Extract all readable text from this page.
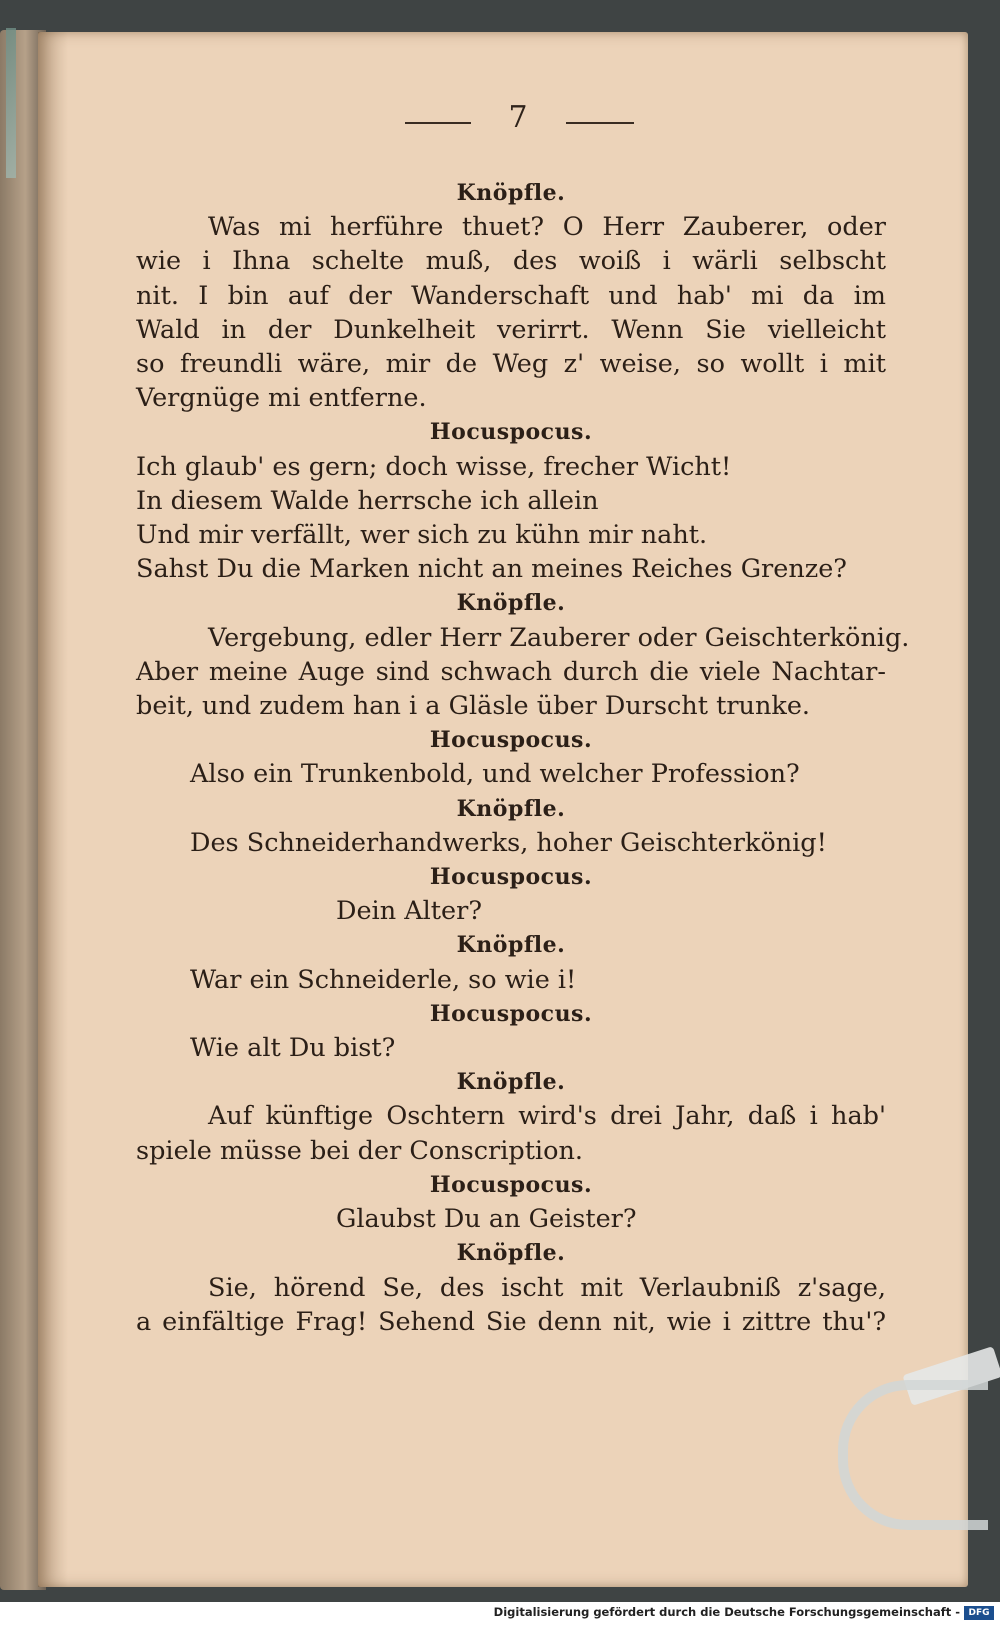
7
Knöpfle.
Was mi herführe thuet? O Herr Zauberer, oder
wie i Ihna schelte muß, des woiß i wärli selbscht
nit. I bin auf der Wanderschaft und hab' mi da im
Wald in der Dunkelheit verirrt. Wenn Sie vielleicht
so freundli wäre, mir de Weg z' weise, so wollt i mit
Vergnüge mi entferne.
Hocuspocus.
Ich glaub' es gern; doch wisse, frecher Wicht!
In diesem Walde herrsche ich allein
Und mir verfällt, wer sich zu kühn mir naht.
Sahst Du die Marken nicht an meines Reiches Grenze?
Knöpfle.
Vergebung, edler Herr Zauberer oder Geischterkönig.
Aber meine Auge sind schwach durch die viele Nachtar-
beit, und zudem han i a Gläsle über Durscht trunke.
Hocuspocus.
Also ein Trunkenbold, und welcher Profession?
Knöpfle.
Des Schneiderhandwerks, hoher Geischterkönig!
Hocuspocus.
Dein Alter?
Knöpfle.
War ein Schneiderle, so wie i!
Hocuspocus.
Wie alt Du bist?
Knöpfle.
Auf künftige Oschtern wird's drei Jahr, daß i hab'
spiele müsse bei der Conscription.
Hocuspocus.
Glaubst Du an Geister?
Knöpfle.
Sie, hörend Se, des ischt mit Verlaubniß z'sage,
a einfältige Frag! Sehend Sie denn nit, wie i zittre thu'?
Digitalisierung gefördert durch die Deutsche Forschungsgemeinschaft - DFG
